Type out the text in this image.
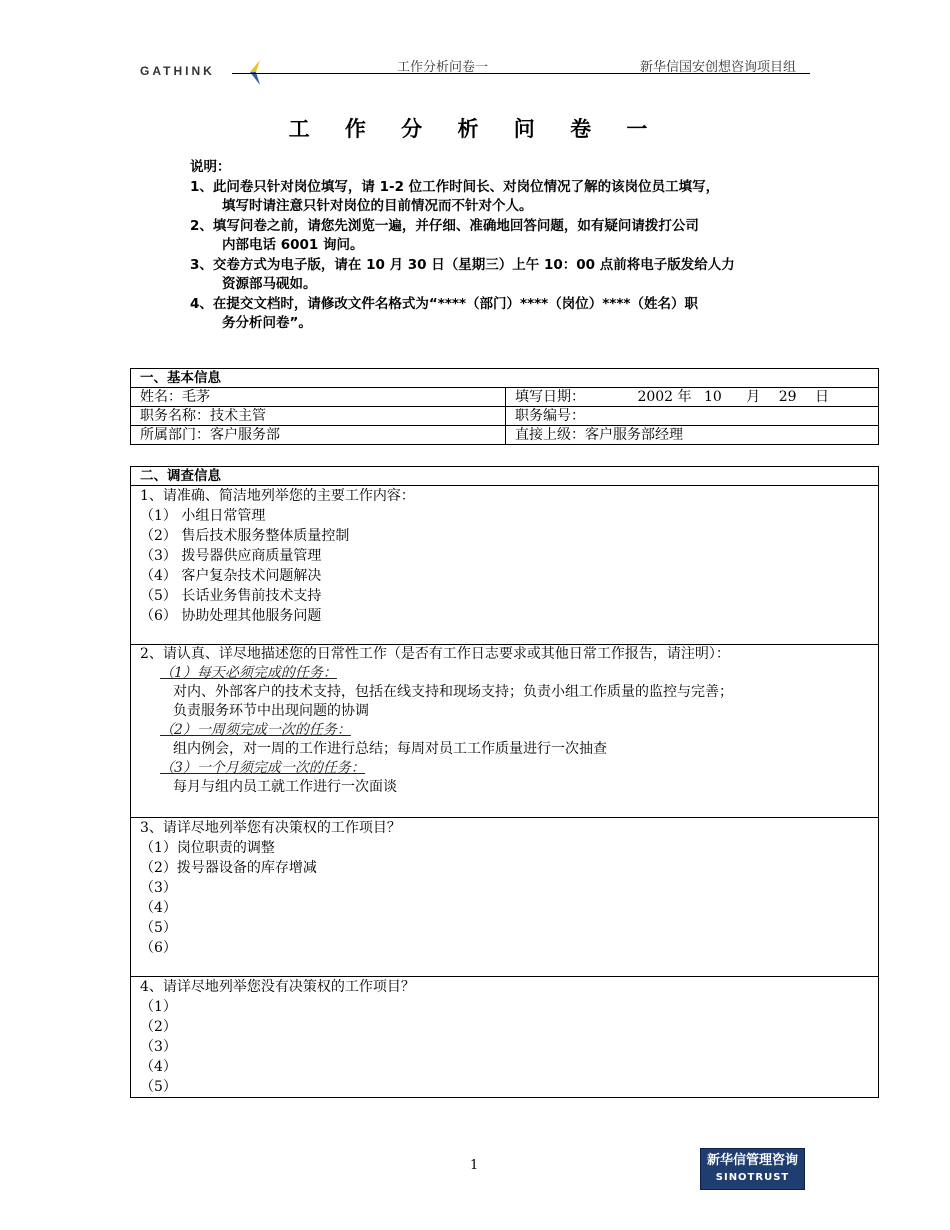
GATHINK	工作分析问卷一	新华信国安创想咨询项目组
工 作 分 析 问 卷 一
说明：
1、此问卷只针对岗位填写，请 1-2 位工作时间长、对岗位情况了解的该岗位员工填写，
填写时请注意只针对岗位的目前情况而不针对个人。
2、填写问卷之前，请您先浏览一遍，并仔细、准确地回答问题，如有疑问请拨打公司
内部电话 6001 询问。
3、交卷方式为电子版，请在 10 月 30 日（星期三）上午 10：00 点前将电子版发给人力
资源部马砚如。
4、在提交文档时，请修改文件名格式为“****（部门）****（岗位）****（姓名）职
务分析问卷”。
一、基本信息	
姓名：毛茅	填写日期： 2002 年 10 月 29 日
职务名称：技术主管	职务编号：
所属部门：客户服务部	直接上级：客户服务部经理
二、调查信息

1、请准确、简洁地列举您的主要工作内容：
（1） 小组日常管理
（2） 售后技术服务整体质量控制
（3） 拨号器供应商质量管理
（4） 客户复杂技术问题解决
（5） 长话业务售前技术支持
（6） 协助处理其他服务问题

2、请认真、详尽地描述您的日常性工作（是否有工作日志要求或其他日常工作报告，请注明）：
（1）每天必须完成的任务：
对内、外部客户的技术支持，包括在线支持和现场支持；负责小组工作质量的监控与完善；
负责服务环节中出现问题的协调
（2）一周须完成一次的任务：
组内例会，对一周的工作进行总结；每周对员工工作质量进行一次抽查
（3）一个月须完成一次的任务：
每月与组内员工就工作进行一次面谈

3、请详尽地列举您有决策权的工作项目？
（1）岗位职责的调整
（2）拨号器设备的库存增减
（3）
（4）
（5）
（6）

4、请详尽地列举您没有决策权的工作项目？
（1）
（2）
（3）
（4）
（5）
1	新华信管理咨询
SINOTRUST
